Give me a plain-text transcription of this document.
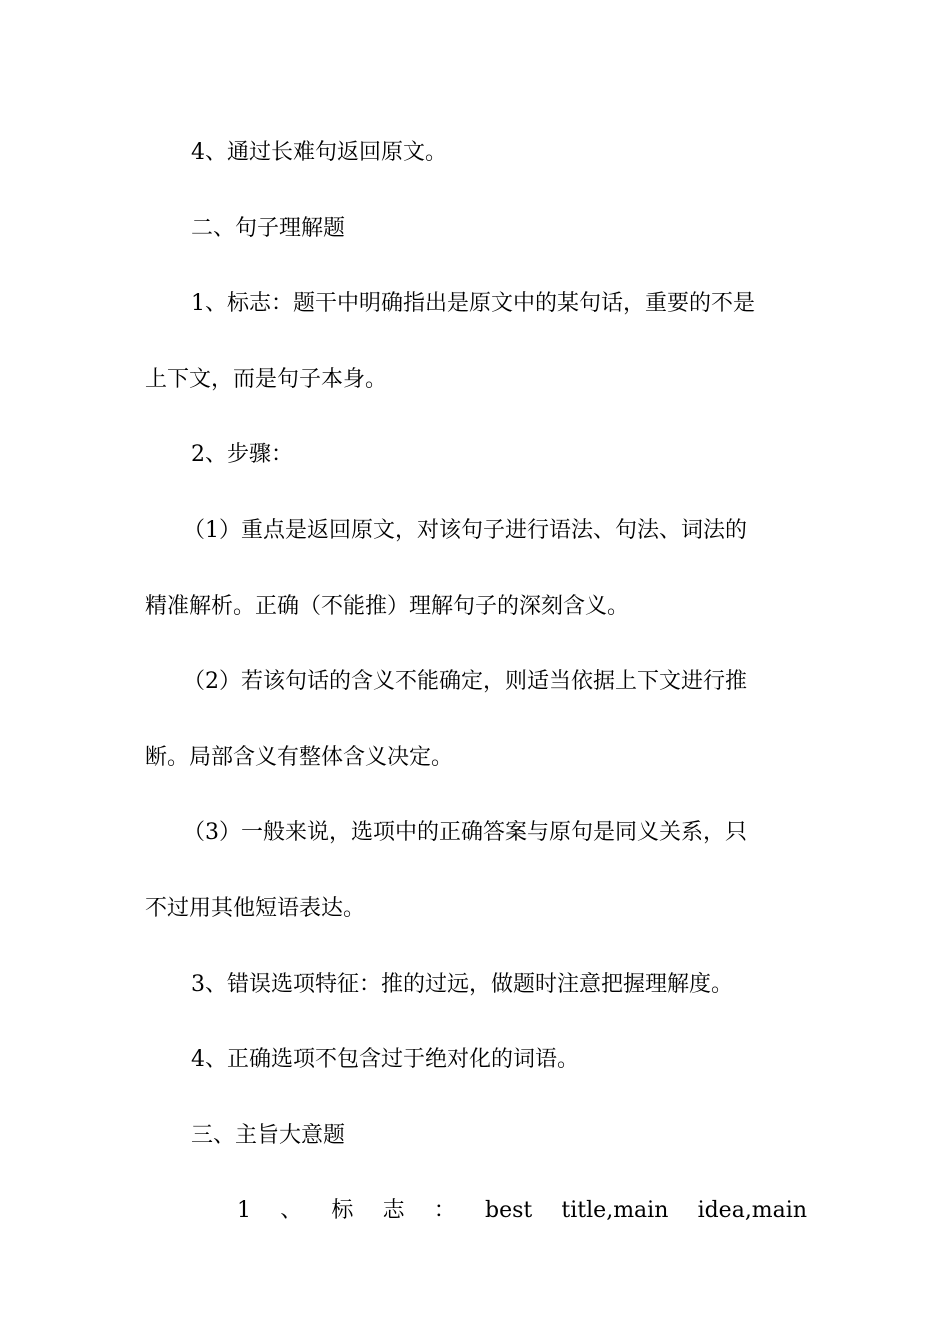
4、通过长难句返回原文。
二、句子理解题
1、标志：题干中明确指出是原文中的某句话，重要的不是
上下文，而是句子本身。
2、步骤：
（1）重点是返回原文，对该句子进行语法、句法、词法的
精准解析。正确（不能推）理解句子的深刻含义。
（2）若该句话的含义不能确定，则适当依据上下文进行推
断。局部含义有整体含义决定。
（3）一般来说，选项中的正确答案与原句是同义关系，只
不过用其他短语表达。
3、错误选项特征：推的过远，做题时注意把握理解度。
4、正确选项不包含过于绝对化的词语。
三、主旨大意题
1 、 标 志 ： best title,main idea,main
